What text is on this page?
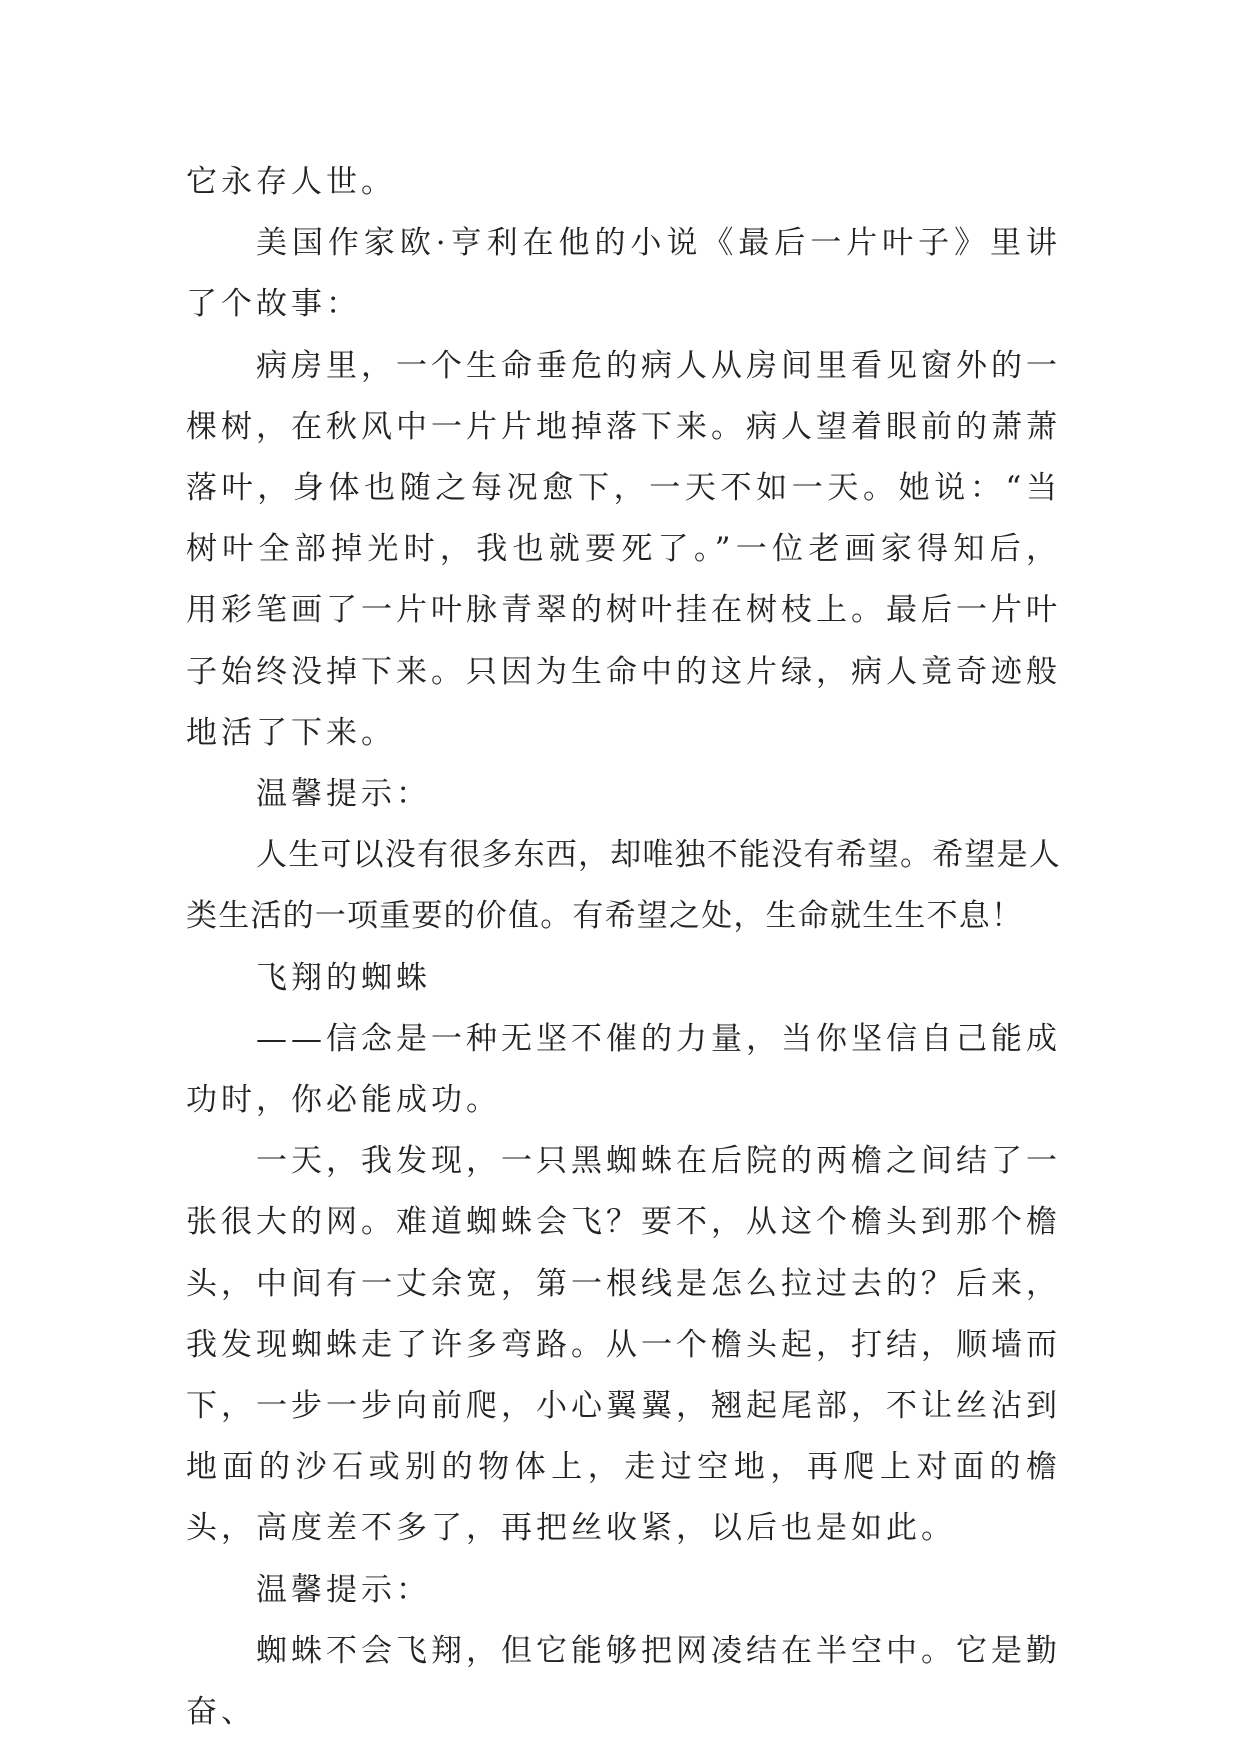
它永存人世。

美国作家欧·亨利在他的小说《最后一片叶子》里讲了个故事：

病房里，一个生命垂危的病人从房间里看见窗外的一棵树，在秋风中一片片地掉落下来。病人望着眼前的萧萧落叶，身体也随之每况愈下，一天不如一天。她说：“当树叶全部掉光时，我也就要死了。”一位老画家得知后，用彩笔画了一片叶脉青翠的树叶挂在树枝上。最后一片叶子始终没掉下来。只因为生命中的这片绿，病人竟奇迹般地活了下来。

温馨提示：

人生可以没有很多东西，却唯独不能没有希望。希望是人类生活的一项重要的价值。有希望之处，生命就生生不息！

飞翔的蜘蛛

——信念是一种无坚不催的力量，当你坚信自己能成功时，你必能成功。

一天，我发现，一只黑蜘蛛在后院的两檐之间结了一张很大的网。难道蜘蛛会飞？要不，从这个檐头到那个檐头，中间有一丈余宽，第一根线是怎么拉过去的？后来，我发现蜘蛛走了许多弯路。从一个檐头起，打结，顺墙而下，一步一步向前爬，小心翼翼，翘起尾部，不让丝沾到地面的沙石或别的物体上，走过空地，再爬上对面的檐头，高度差不多了，再把丝收紧，以后也是如此。

温馨提示：

蜘蛛不会飞翔，但它能够把网凌结在半空中。它是勤奋、
